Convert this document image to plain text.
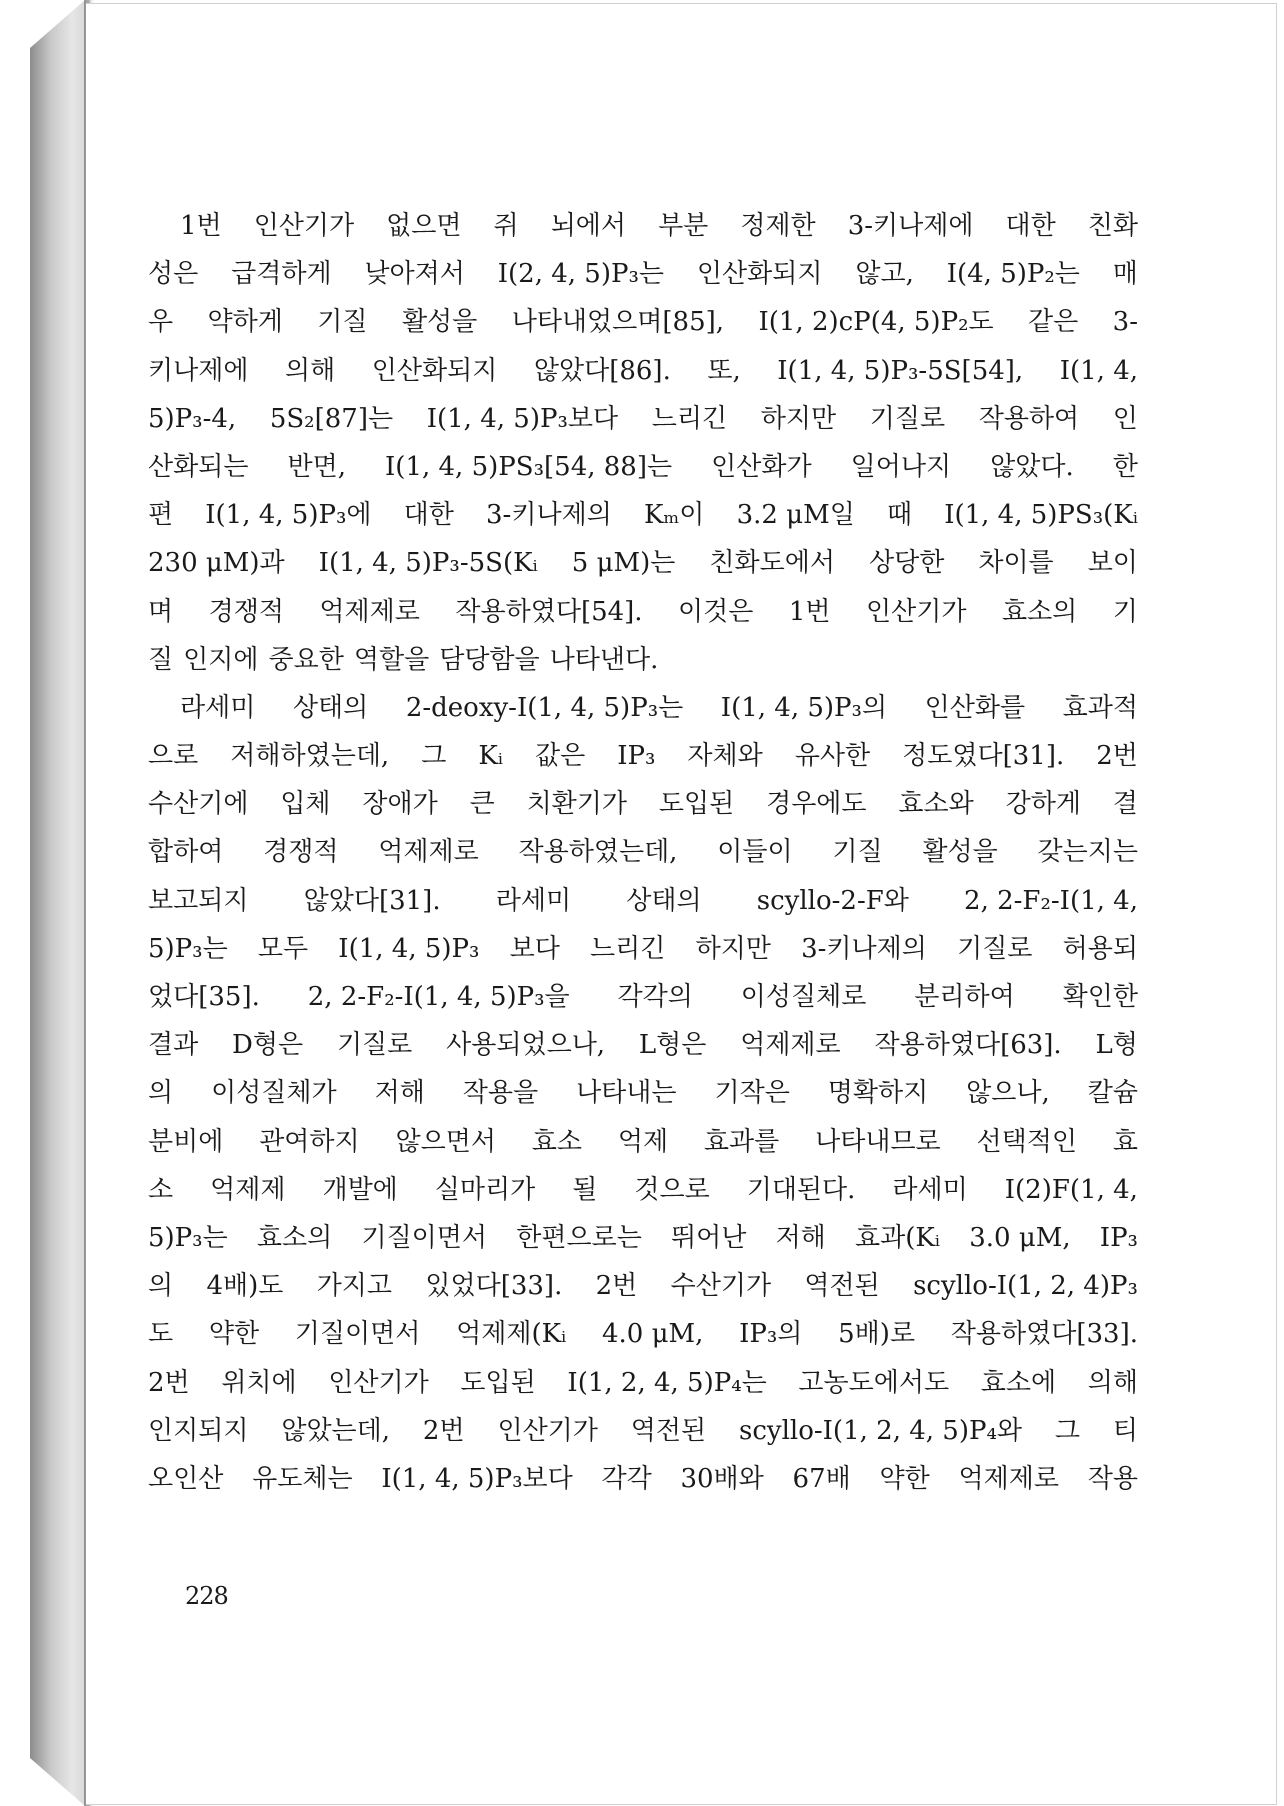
1번 인산기가 없으면 쥐 뇌에서 부분 정제한 3-키나제에 대한 친화
성은 급격하게 낮아져서 I(2, 4, 5)P₃는 인산화되지 않고, I(4, 5)P₂는 매
우 약하게 기질 활성을 나타내었으며[85], I(1, 2)cP(4, 5)P₂도 같은 3-
키나제에 의해 인산화되지 않았다[86]. 또, I(1, 4, 5)P₃-5S[54], I(1, 4,
5)P₃-4, 5S₂[87]는 I(1, 4, 5)P₃보다 느리긴 하지만 기질로 작용하여 인
산화되는 반면, I(1, 4, 5)PS₃[54, 88]는 인산화가 일어나지 않았다. 한
편 I(1, 4, 5)P₃에 대한 3-키나제의 Kₘ이 3.2 μM일 때 I(1, 4, 5)PS₃(Kᵢ
230 μM)과 I(1, 4, 5)P₃-5S(Kᵢ 5 μM)는 친화도에서 상당한 차이를 보이
며 경쟁적 억제제로 작용하였다[54]. 이것은 1번 인산기가 효소의 기
질 인지에 중요한 역할을 담당함을 나타낸다.
라세미 상태의 2-deoxy-I(1, 4, 5)P₃는 I(1, 4, 5)P₃의 인산화를 효과적
으로 저해하였는데, 그 Kᵢ 값은 IP₃ 자체와 유사한 정도였다[31]. 2번
수산기에 입체 장애가 큰 치환기가 도입된 경우에도 효소와 강하게 결
합하여 경쟁적 억제제로 작용하였는데, 이들이 기질 활성을 갖는지는
보고되지 않았다[31]. 라세미 상태의 scyllo-2-F와 2, 2-F₂-I(1, 4,
5)P₃는 모두 I(1, 4, 5)P₃ 보다 느리긴 하지만 3-키나제의 기질로 허용되
었다[35]. 2, 2-F₂-I(1, 4, 5)P₃을 각각의 이성질체로 분리하여 확인한
결과 D형은 기질로 사용되었으나, L형은 억제제로 작용하였다[63]. L형
의 이성질체가 저해 작용을 나타내는 기작은 명확하지 않으나, 칼슘
분비에 관여하지 않으면서 효소 억제 효과를 나타내므로 선택적인 효
소 억제제 개발에 실마리가 될 것으로 기대된다. 라세미 I(2)F(1, 4,
5)P₃는 효소의 기질이면서 한편으로는 뛰어난 저해 효과(Kᵢ 3.0 μM, IP₃
의 4배)도 가지고 있었다[33]. 2번 수산기가 역전된 scyllo-I(1, 2, 4)P₃
도 약한 기질이면서 억제제(Kᵢ 4.0 μM, IP₃의 5배)로 작용하였다[33].
2번 위치에 인산기가 도입된 I(1, 2, 4, 5)P₄는 고농도에서도 효소에 의해
인지되지 않았는데, 2번 인산기가 역전된 scyllo-I(1, 2, 4, 5)P₄와 그 티
오인산 유도체는 I(1, 4, 5)P₃보다 각각 30배와 67배 약한 억제제로 작용
228
